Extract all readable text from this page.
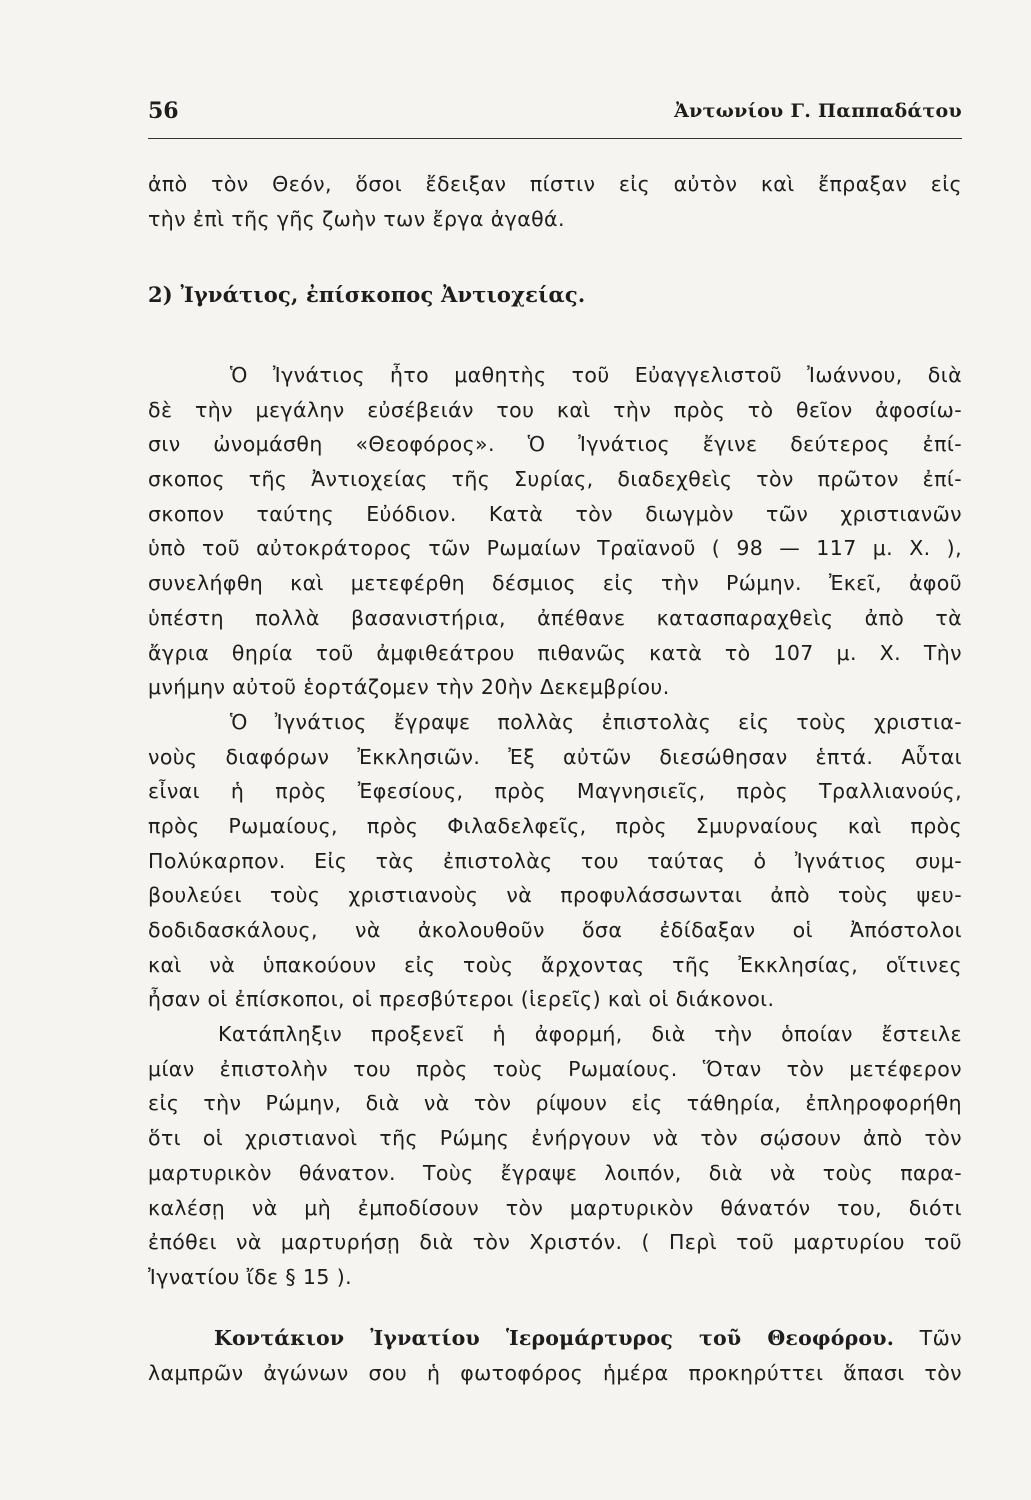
56	Ἀντωνίου Γ. Παππαδάτου
ἀπὸ τὸν Θεόν, ὅσοι ἔδειξαν πίστιν εἰς αὐτὸν καὶ ἔπραξαν εἰς
τὴν ἐπὶ τῆς γῆς ζωὴν των ἔργα ἀγαθά.
2) Ἰγνάτιος, ἐπίσκοπος Ἀντιοχείας.
Ὁ Ἰγνάτιος ἦτο μαθητὴς τοῦ Εὐαγγελιστοῦ Ἰωάννου, διὰ
δὲ τὴν μεγάλην εὐσέβειάν του καὶ τὴν πρὸς τὸ θεῖον ἀφοσίω-
σιν ὠνομάσθη «Θεοφόρος». Ὁ Ἰγνάτιος ἔγινε δεύτερος ἐπί-
σκοπος τῆς Ἀντιοχείας τῆς Συρίας, διαδεχθεὶς τὸν πρῶτον ἐπί-
σκοπον ταύτης Εὐόδιον. Κατὰ τὸν διωγμὸν τῶν χριστιανῶν
ὑπὸ τοῦ αὐτοκράτορος τῶν Ρωμαίων Τραϊανοῦ ( 98 — 117 μ. Χ. ),
συνελήφθη καὶ μετεφέρθη δέσμιος εἰς τὴν Ρώμην. Ἐκεῖ, ἀφοῦ
ὑπέστη πολλὰ βασανιστήρια, ἀπέθανε κατασπαραχθεὶς ἀπὸ τὰ
ἄγρια θηρία τοῦ ἀμφιθεάτρου πιθανῶς κατὰ τὸ 107 μ. Χ. Τὴν
μνήμην αὐτοῦ ἑορτάζομεν τὴν 20ὴν Δεκεμβρίου.
Ὁ Ἰγνάτιος ἔγραψε πολλὰς ἐπιστολὰς εἰς τοὺς χριστια-
νοὺς διαφόρων Ἐκκλησιῶν. Ἐξ αὐτῶν διεσώθησαν ἑπτά. Αὗται
εἶναι ἡ πρὸς Ἐφεσίους, πρὸς Μαγνησιεῖς, πρὸς Τραλλιανούς,
πρὸς Ρωμαίους, πρὸς Φιλαδελφεῖς, πρὸς Σμυρναίους καὶ πρὸς
Πολύκαρπον. Εἰς τὰς ἐπιστολὰς του ταύτας ὁ Ἰγνάτιος συμ-
βουλεύει τοὺς χριστιανοὺς νὰ προφυλάσσωνται ἀπὸ τοὺς ψευ-
δοδιδασκάλους, νὰ ἀκολουθοῦν ὅσα ἐδίδαξαν οἱ Ἀπόστολοι
καὶ νὰ ὑπακούουν εἰς τοὺς ἄρχοντας τῆς Ἐκκλησίας, οἵτινες
ἦσαν οἱ ἐπίσκοποι, οἱ πρεσβύτεροι (ἱερεῖς) καὶ οἱ διάκονοι.
Κατάπληξιν προξενεῖ ἡ ἀφορμή, διὰ τὴν ὁποίαν ἔστειλε
μίαν ἐπιστολὴν του πρὸς τοὺς Ρωμαίους. Ὅταν τὸν μετέφερον
εἰς τὴν Ρώμην, διὰ νὰ τὸν ρίψουν εἰς τάθηρία, ἐπληροφορήθη
ὅτι οἱ χριστιανοὶ τῆς Ρώμης ἐνήργουν νὰ τὸν σῴσουν ἀπὸ τὸν
μαρτυρικὸν θάνατον. Τοὺς ἔγραψε λοιπόν, διὰ νὰ τοὺς παρα-
καλέσῃ νὰ μὴ ἐμποδίσουν τὸν μαρτυρικὸν θάνατόν του, διότι
ἐπόθει νὰ μαρτυρήσῃ διὰ τὸν Χριστόν. ( Περὶ τοῦ μαρτυρίου τοῦ
Ἰγνατίου ἴδε § 15 ).
Κοντάκιον Ἰγνατίου Ἱερομάρτυρος τοῦ Θεοφόρου. Τῶν
λαμπρῶν ἀγώνων σου ἡ φωτοφόρος ἡμέρα προκηρύττει ἅπασι τὸν
